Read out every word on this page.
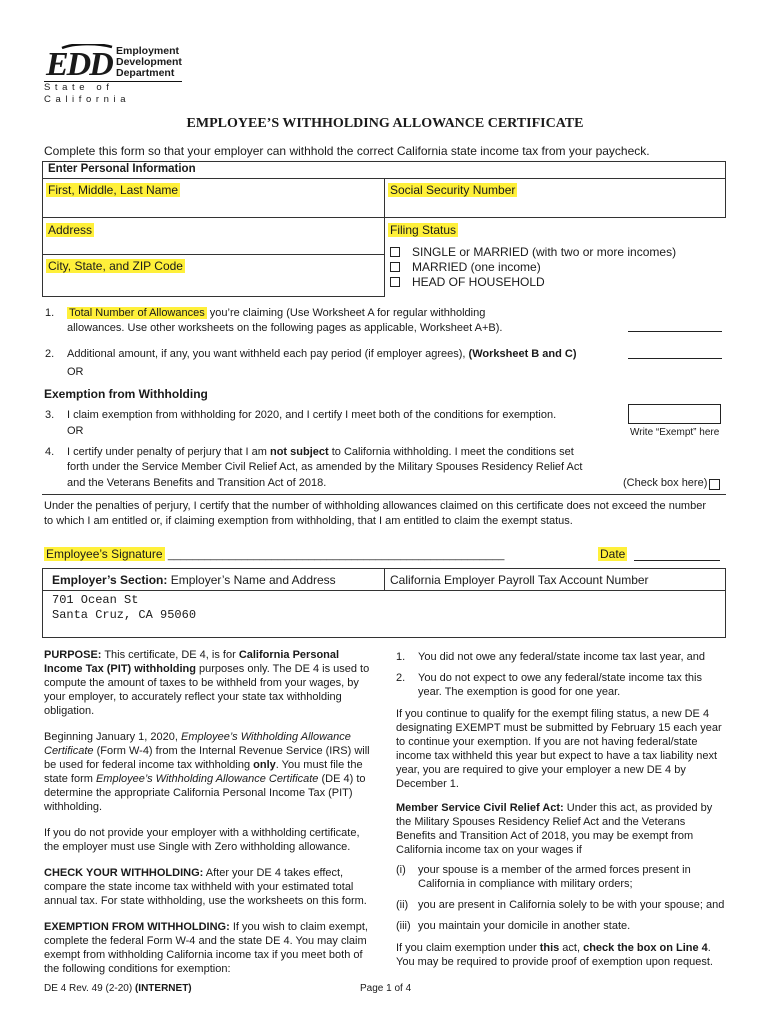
EDD Employment
Development
Department
State of California
EMPLOYEE’S WITHHOLDING ALLOWANCE CERTIFICATE
Complete this form so that your employer can withhold the correct California state income tax from your paycheck.
Enter Personal Information
First, Middle, Last Name	Social Security Number
Address
City, State, and ZIP Code
Filing Status
SINGLE or MARRIED (with two or more incomes)
MARRIED (one income)
HEAD OF HOUSEHOLD
1. Total Number of Allowances you’re claiming (Use Worksheet A for regular withholding
allowances. Use other worksheets on the following pages as applicable, Worksheet A+B).
2. Additional amount, if any, you want withheld each pay period (if employer agrees), (Worksheet B and C)
OR
Exemption from Withholding
3. I claim exemption from withholding for 2020, and I certify I meet both of the conditions for exemption.
OR	Write “Exempt” here
4. I certify under penalty of perjury that I am not subject to California withholding. I meet the conditions set
forth under the Service Member Civil Relief Act, as amended by the Military Spouses Residency Relief Act
and the Veterans Benefits and Transition Act of 2018.	(Check box here)
Under the penalties of perjury, I certify that the number of withholding allowances claimed on this certificate does not exceed the number
to which I am entitled or, if claiming exemption from withholding, that I am entitled to claim the exempt status.
Employee’s Signature _______________________________________________________	Date
Employer’s Section: Employer’s Name and Address	California Employer Payroll Tax Account Number
701 Ocean St
Santa Cruz, CA 95060

PURPOSE: This certificate, DE 4, is for California Personal Income Tax (PIT) withholding purposes only. The DE 4 is used to compute the amount of taxes to be withheld from your wages, by your employer, to accurately reflect your state tax withholding obligation.

Beginning January 1, 2020, Employee’s Withholding Allowance Certificate (Form W-4) from the Internal Revenue Service (IRS) will be used for federal income tax withholding only. You must file the state form Employee’s Withholding Allowance Certificate (DE 4) to determine the appropriate California Personal Income Tax (PIT) withholding.

If you do not provide your employer with a withholding certificate, the employer must use Single with Zero withholding allowance.

CHECK YOUR WITHHOLDING: After your DE 4 takes effect, compare the state income tax withheld with your estimated total annual tax. For state withholding, use the worksheets on this form.

EXEMPTION FROM WITHHOLDING: If you wish to claim exempt, complete the federal Form W-4 and the state DE 4. You may claim exempt from withholding California income tax if you meet both of the following conditions for exemption:

1.	You did not owe any federal/state income tax last year, and

2.	You do not expect to owe any federal/state income tax this year. The exemption is good for one year.

If you continue to qualify for the exempt filing status, a new DE 4 designating EXEMPT must be submitted by February 15 each year to continue your exemption. If you are not having federal/state income tax withheld this year but expect to have a tax liability next year, you are required to give your employer a new DE 4 by December 1.

Member Service Civil Relief Act: Under this act, as provided by the Military Spouses Residency Relief Act and the Veterans Benefits and Transition Act of 2018, you may be exempt from California income tax on your wages if

(i)	your spouse is a member of the armed forces present in California in compliance with military orders;

(ii) you are present in California solely to be with your spouse; and

(iii) you maintain your domicile in another state.

If you claim exemption under this act, check the box on Line 4.

You may be required to provide proof of exemption upon request.

DE 4 Rev. 49 (2-20) (INTERNET)	Page 1 of 4
